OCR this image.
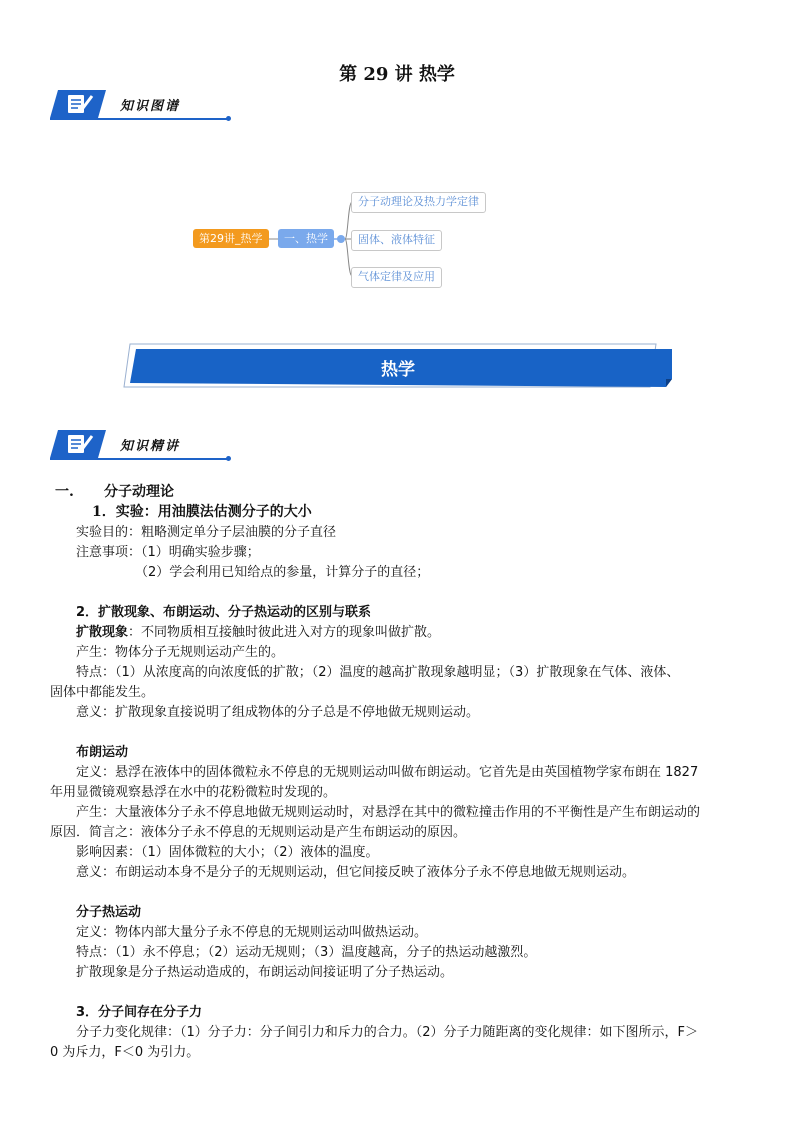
第 29 讲 热学
知识图谱
第29讲_热学	一、热学
分子动理论及热力学定律
固体、液体特征
气体定律及应用
热学
知识精讲
一. 分子动理论
1．实验：用油膜法估测分子的大小
实验目的：粗略测定单分子层油膜的分子直径
注意事项：（1）明确实验步骤；
（2）学会利用已知给点的参量，计算分子的直径；
2．扩散现象、布朗运动、分子热运动的区别与联系
扩散现象：不同物质相互接触时彼此进入对方的现象叫做扩散。
产生：物体分子无规则运动产生的。
特点：（1）从浓度高的向浓度低的扩散；（2）温度的越高扩散现象越明显；（3）扩散现象在气体、液体、
固体中都能发生。
意义：扩散现象直接说明了组成物体的分子总是不停地做无规则运动。
布朗运动
定义：悬浮在液体中的固体微粒永不停息的无规则运动叫做布朗运动。它首先是由英国植物学家布朗在 1827
年用显微镜观察悬浮在水中的花粉微粒时发现的。
产生：大量液体分子永不停息地做无规则运动时，对悬浮在其中的微粒撞击作用的不平衡性是产生布朗运动的
原因．简言之：液体分子永不停息的无规则运动是产生布朗运动的原因。
影响因素：（1）固体微粒的大小；（2）液体的温度。
意义：布朗运动本身不是分子的无规则运动，但它间接反映了液体分子永不停息地做无规则运动。
分子热运动
定义：物体内部大量分子永不停息的无规则运动叫做热运动。
特点：（1）永不停息；（2）运动无规则；（3）温度越高，分子的热运动越激烈。
扩散现象是分子热运动造成的，布朗运动间接证明了分子热运动。
3．分子间存在分子力
分子力变化规律：（1）分子力：分子间引力和斥力的合力。（2）分子力随距离的变化规律：如下图所示，F＞
0 为斥力，F＜0 为引力。
